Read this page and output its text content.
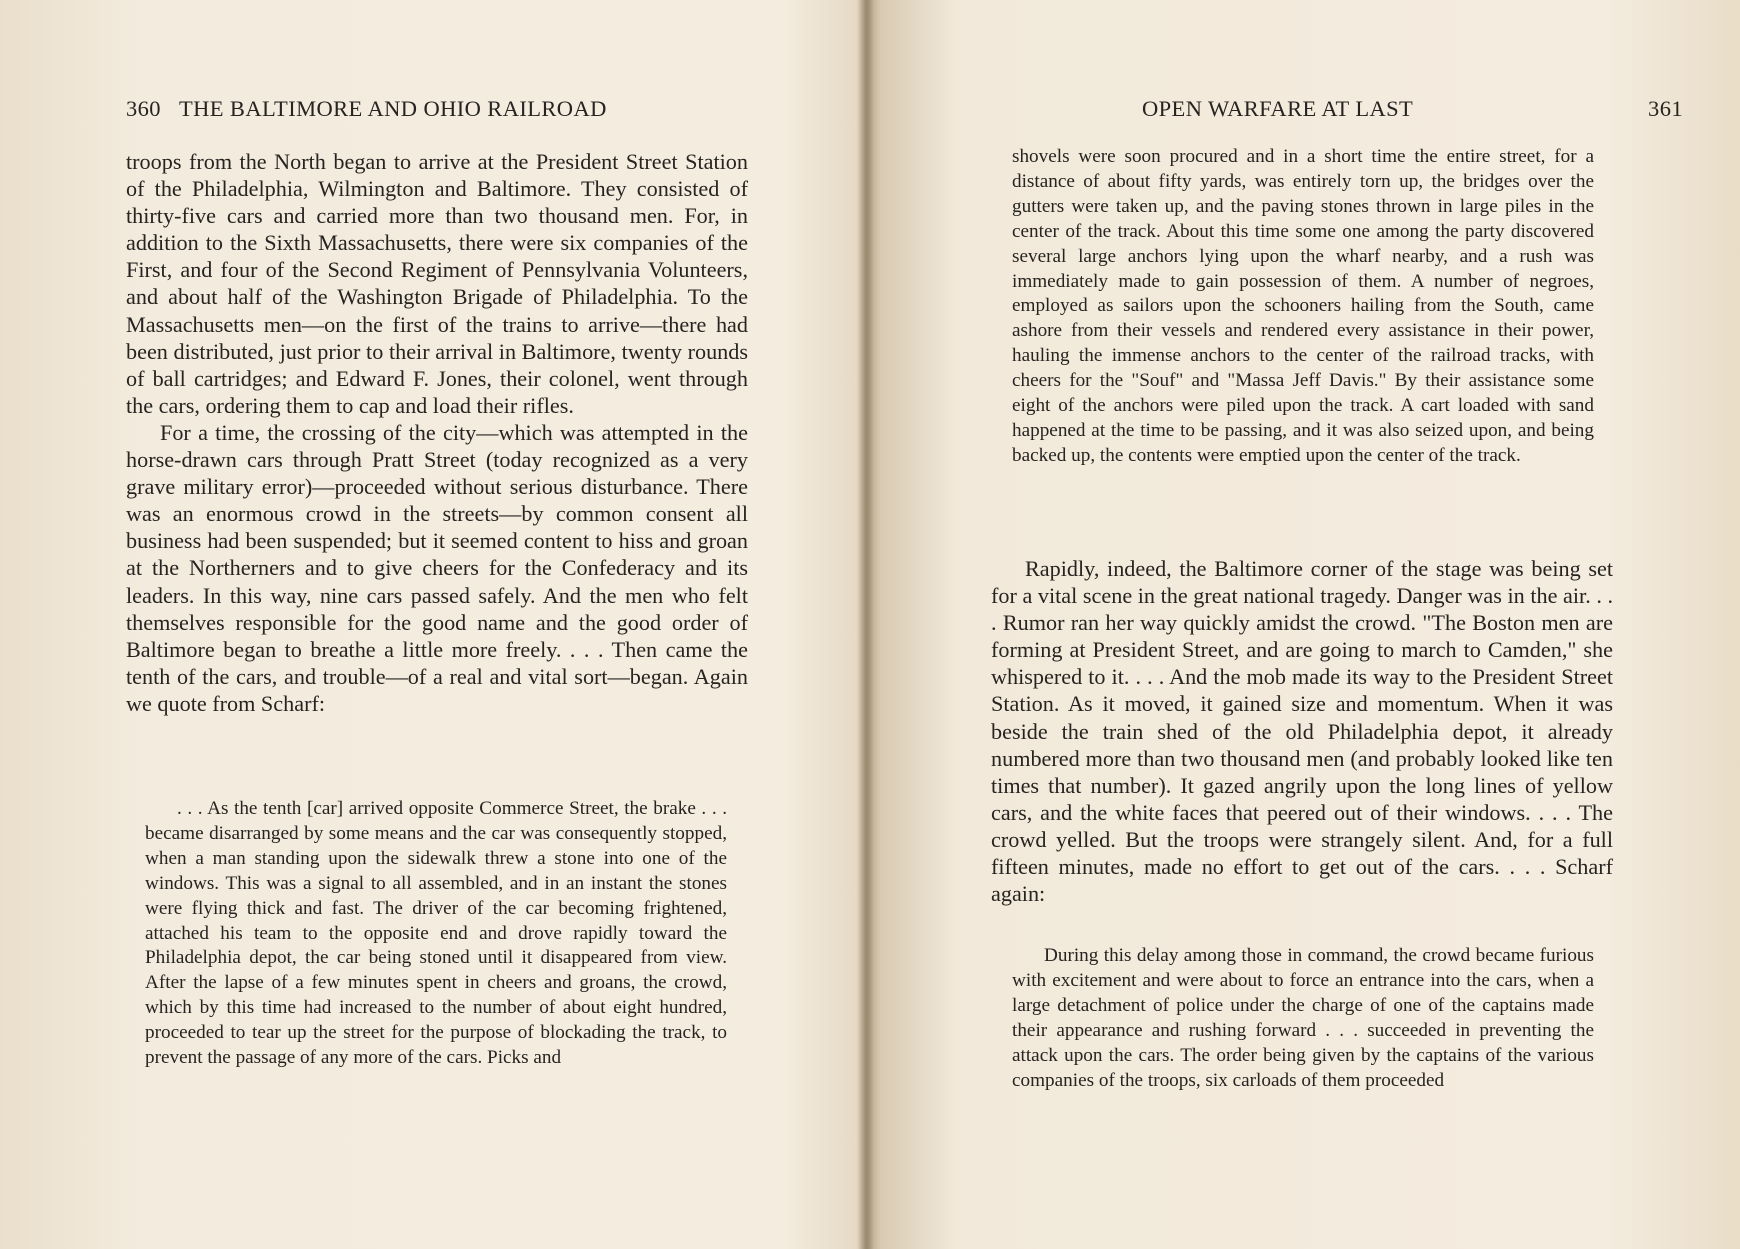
360 THE BALTIMORE AND OHIO RAILROAD

troops from the North began to arrive at the President Street Station of the Philadelphia, Wilmington and Baltimore. They consisted of thirty-five cars and carried more than two thousand men. For, in addition to the Sixth Massachusetts, there were six companies of the First, and four of the Second Regiment of Pennsylvania Volunteers, and about half of the Washington Brigade of Philadelphia. To the Massachusetts men—on the first of the trains to arrive—there had been distributed, just prior to their arrival in Baltimore, twenty rounds of ball cartridges; and Edward F. Jones, their colonel, went through the cars, ordering them to cap and load their rifles.

For a time, the crossing of the city—which was attempted in the horse-drawn cars through Pratt Street (today recognized as a very grave military error)—proceeded without serious disturbance. There was an enormous crowd in the streets—by common consent all business had been suspended; but it seemed content to hiss and groan at the Northerners and to give cheers for the Confederacy and its leaders. In this way, nine cars passed safely. And the men who felt themselves responsible for the good name and the good order of Baltimore began to breathe a little more freely. . . . Then came the tenth of the cars, and trouble—of a real and vital sort—began. Again we quote from Scharf:

. . . As the tenth [car] arrived opposite Commerce Street, the brake . . . became disarranged by some means and the car was consequently stopped, when a man standing upon the sidewalk threw a stone into one of the windows. This was a signal to all assembled, and in an instant the stones were flying thick and fast. The driver of the car becoming frightened, attached his team to the opposite end and drove rapidly toward the Philadelphia depot, the car being stoned until it disappeared from view. After the lapse of a few minutes spent in cheers and groans, the crowd, which by this time had increased to the number of about eight hundred, proceeded to tear up the street for the purpose of blockading the track, to prevent the passage of any more of the cars. Picks and

OPEN WARFARE AT LAST	361

shovels were soon procured and in a short time the entire street, for a distance of about fifty yards, was entirely torn up, the bridges over the gutters were taken up, and the paving stones thrown in large piles in the center of the track. About this time some one among the party discovered several large anchors lying upon the wharf nearby, and a rush was immediately made to gain possession of them. A number of negroes, employed as sailors upon the schooners hailing from the South, came ashore from their vessels and rendered every assistance in their power, hauling the immense anchors to the center of the railroad tracks, with cheers for the "Souf" and "Massa Jeff Davis." By their assistance some eight of the anchors were piled upon the track. A cart loaded with sand happened at the time to be passing, and it was also seized upon, and being backed up, the contents were emptied upon the center of the track.

Rapidly, indeed, the Baltimore corner of the stage was being set for a vital scene in the great national tragedy. Danger was in the air. . . . Rumor ran her way quickly amidst the crowd. "The Boston men are forming at President Street, and are going to march to Camden," she whispered to it. . . . And the mob made its way to the President Street Station. As it moved, it gained size and momentum. When it was beside the train shed of the old Philadelphia depot, it already numbered more than two thousand men (and probably looked like ten times that number). It gazed angrily upon the long lines of yellow cars, and the white faces that peered out of their windows. . . . The crowd yelled. But the troops were strangely silent. And, for a full fifteen minutes, made no effort to get out of the cars. . . . Scharf again:

During this delay among those in command, the crowd became furious with excitement and were about to force an entrance into the cars, when a large detachment of police under the charge of one of the captains made their appearance and rushing forward . . . succeeded in preventing the attack upon the cars. The order being given by the captains of the various companies of the troops, six carloads of them proceeded
